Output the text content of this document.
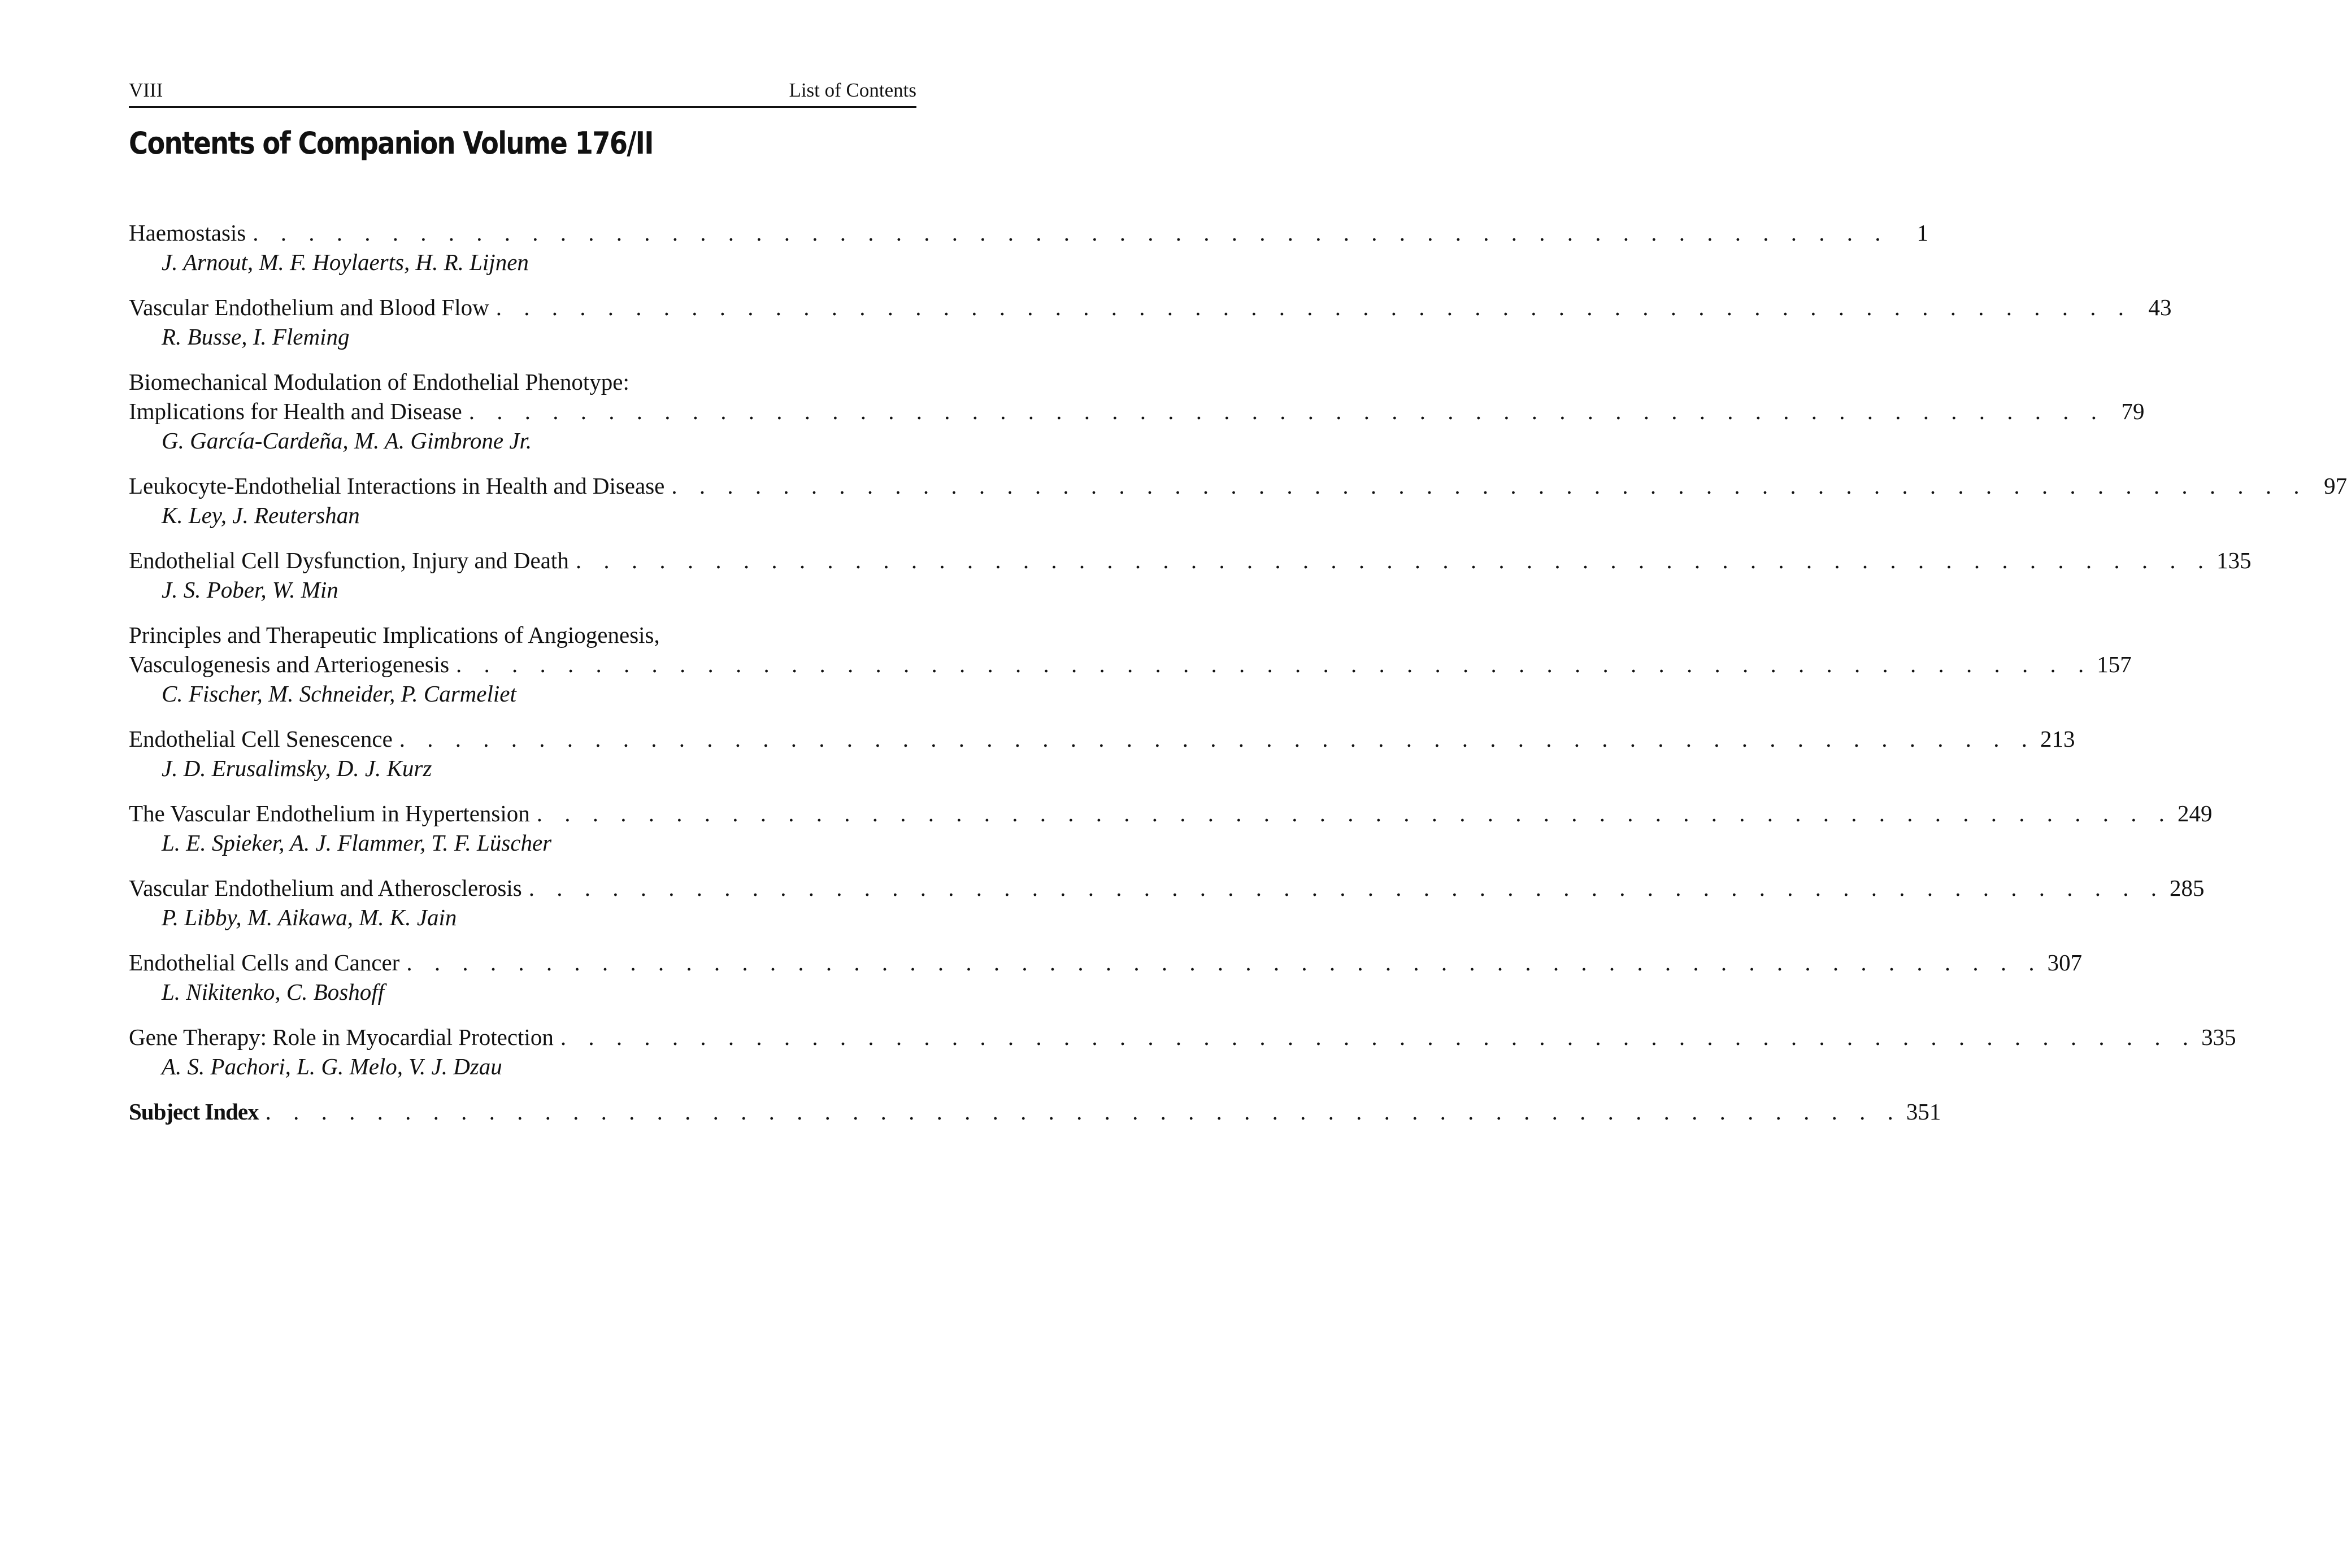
VIII	List of Contents
Contents of Companion Volume 176/II
Haemostasis . . . . . . . . . . . . . . . . . . . . . . . . . . . . . . . . . . . . . . . . . . . . . . . . . . . . . . . . . . .	1
J. Arnout, M. F. Hoylaerts, H. R. Lijnen
Vascular Endothelium and Blood Flow . . . . . . . . . . . . . . . . . . . . . . . . . . . . . . . . . . . . . . . . . . . . . . . . . . . . . . . . . . . 43
R. Busse, I. Fleming
Biomechanical Modulation of Endothelial Phenotype:
Implications for Health and Disease . . . . . . . . . . . . . . . . . . . . . . . . . . . . . . . . . . . . . . . . . . . . . . . . . . . . . . . . . . . 79
G. García-Cardeña, M. A. Gimbrone Jr.
Leukocyte-Endothelial Interactions in Health and Disease . . . . . . . . . . . . . . . . . . . . . . . . . . . . . . . . . . . . . . . . . . . . . . . . . . . . . . . . . . . 97
K. Ley, J. Reutershan
Endothelial Cell Dysfunction, Injury and Death . . . . . . . . . . . . . . . . . . . . . . . . . . . . . . . . . . . . . . . . . . . . . . . . . . . . . . . . . . . 135
J. S. Pober, W. Min
Principles and Therapeutic Implications of Angiogenesis,
Vasculogenesis and Arteriogenesis . . . . . . . . . . . . . . . . . . . . . . . . . . . . . . . . . . . . . . . . . . . . . . . . . . . . . . . . . . . 157
C. Fischer, M. Schneider, P. Carmeliet
Endothelial Cell Senescence . . . . . . . . . . . . . . . . . . . . . . . . . . . . . . . . . . . . . . . . . . . . . . . . . . . . . . . . . . . 213
J. D. Erusalimsky, D. J. Kurz
The Vascular Endothelium in Hypertension . . . . . . . . . . . . . . . . . . . . . . . . . . . . . . . . . . . . . . . . . . . . . . . . . . . . . . . . . . . 249
L. E. Spieker, A. J. Flammer, T. F. Lüscher
Vascular Endothelium and Atherosclerosis . . . . . . . . . . . . . . . . . . . . . . . . . . . . . . . . . . . . . . . . . . . . . . . . . . . . . . . . . . . 285
P. Libby, M. Aikawa, M. K. Jain
Endothelial Cells and Cancer . . . . . . . . . . . . . . . . . . . . . . . . . . . . . . . . . . . . . . . . . . . . . . . . . . . . . . . . . . . 307
L. Nikitenko, C. Boshoff
Gene Therapy: Role in Myocardial Protection . . . . . . . . . . . . . . . . . . . . . . . . . . . . . . . . . . . . . . . . . . . . . . . . . . . . . . . . . . . 335
A. S. Pachori, L. G. Melo, V. J. Dzau
Subject Index . . . . . . . . . . . . . . . . . . . . . . . . . . . . . . . . . . . . . . . . . . . . . . . . . . . . . . . . . . . 351
